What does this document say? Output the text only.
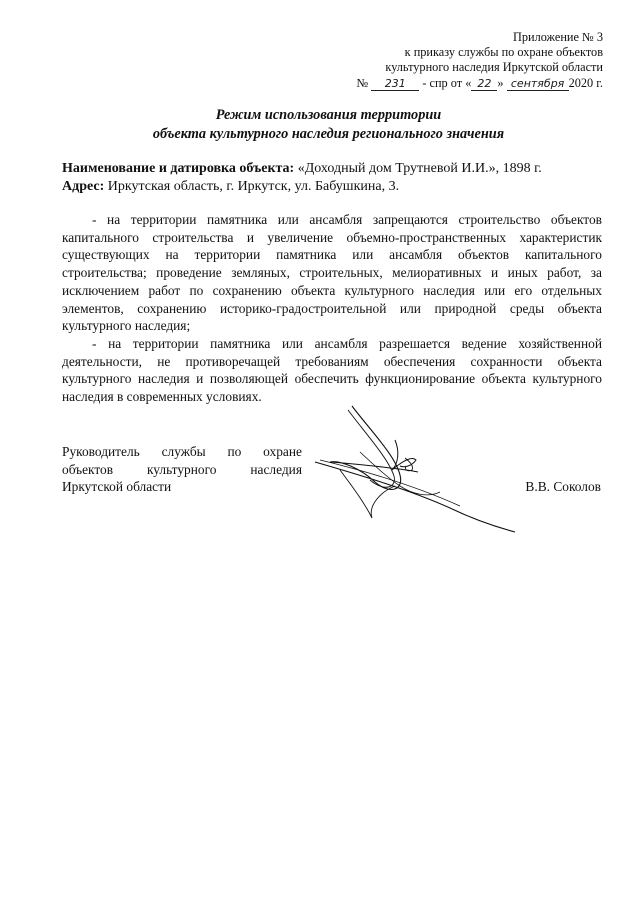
Приложение № 3
к приказу службы по охране объектов
культурного наследия Иркутской области
№ 231 - спр от « 22 » сентября 2020 г.
Режим использования территории
объекта культурного наследия регионального значения
Наименование и датировка объекта: «Доходный дом Трутневой И.И.», 1898 г.
Адрес: Иркутская область, г. Иркутск, ул. Бабушкина, 3.

- на территории памятника или ансамбля запрещаются строительство объектов капитального строительства и увеличение объемно-пространственных характеристик существующих на территории памятника или ансамбля объектов капитального строительства; проведение земляных, строительных, мелиоративных и иных работ, за исключением работ по сохранению объекта культурного наследия или его отдельных элементов, сохранению историко-градостроительной или природной среды объекта культурного наследия;

- на территории памятника или ансамбля разрешается ведение хозяйственной деятельности, не противоречащей требованиям обеспечения сохранности объекта культурного наследия и позволяющей обеспечить функционирование объекта культурного наследия в современных условиях.

Руководитель службы по охране
объектов культурного наследия
Иркутской области	В.В. Соколов
